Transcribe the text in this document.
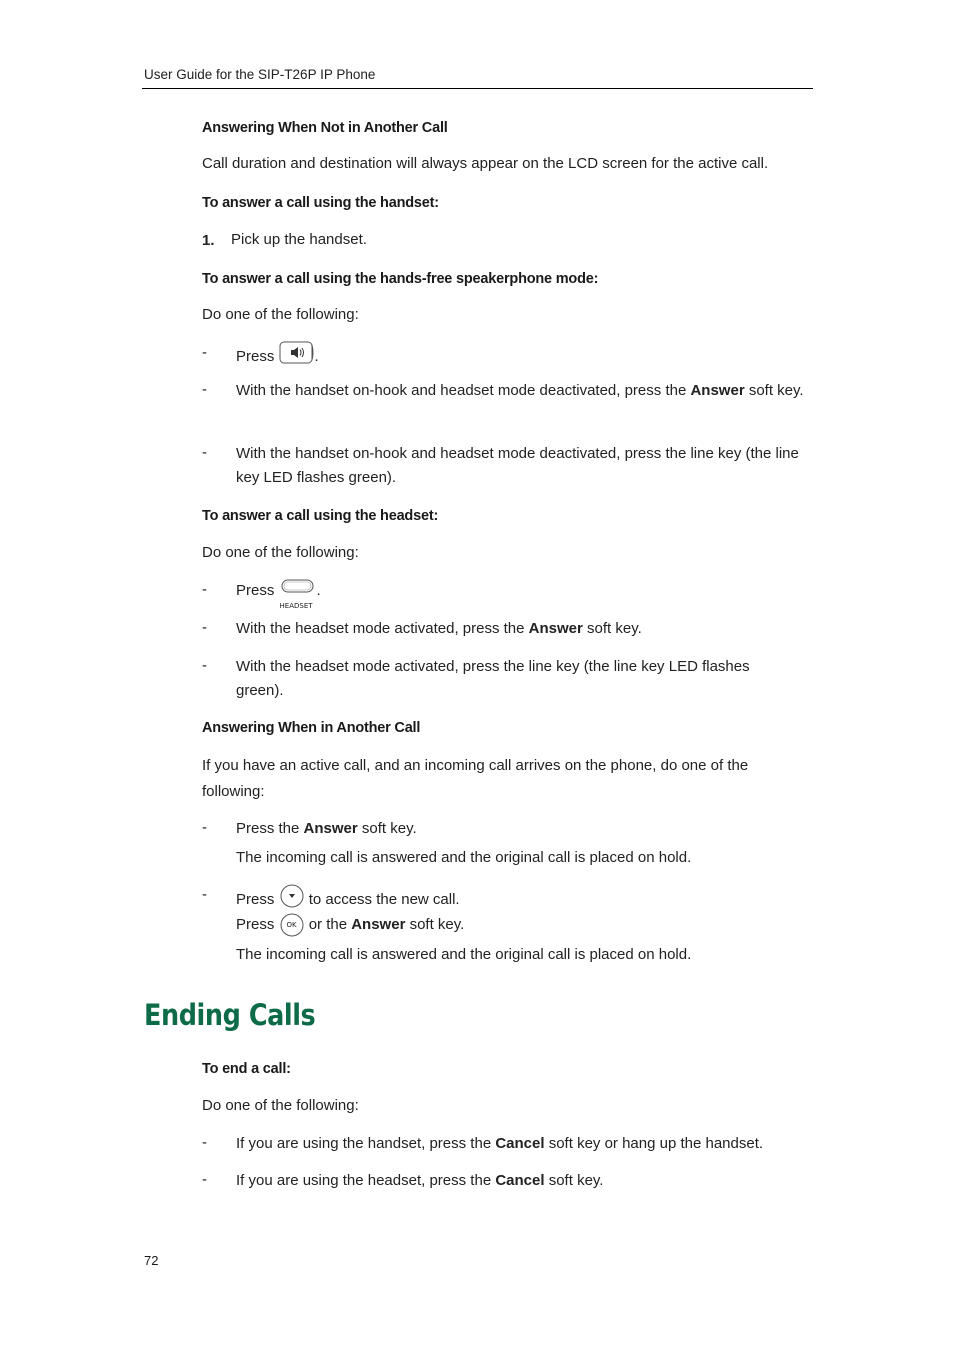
User Guide for the SIP-T26P IP Phone
Answering When Not in Another Call
Call duration and destination will always appear on the LCD screen for the active call.
To answer a call using the handset:
1. Pick up the handset.
To answer a call using the hands-free speakerphone mode:
Do one of the following:
- Press	.
- With the handset on-hook and headset mode deactivated, press the Answer soft key.
- With the handset on-hook and headset mode deactivated, press the line key (the line key LED flashes green).
To answer a call using the headset:
Do one of the following:
- Press
HEADSET
.
- With the headset mode activated, press the Answer soft key.
- With the headset mode activated, press the line key (the line key LED flashes green).
Answering When in Another Call
If you have an active call, and an incoming call arrives on the phone, do one of the following:
- Press the Answer soft key.
The incoming call is answered and the original call is placed on hold.
- Press to access the new call.
Press	OK or the Answer soft key.
The incoming call is answered and the original call is placed on hold.
Ending Calls
To end a call:
Do one of the following:
- If you are using the handset, press the Cancel soft key or hang up the handset.
- If you are using the headset, press the Cancel soft key.
72
